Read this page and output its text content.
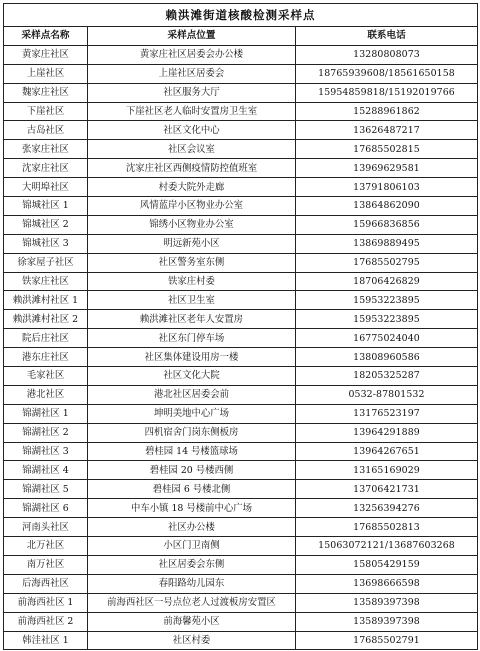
赖洪滩街道核酸检测采样点		
采样点名称	采样点位置	联系电话
黄家庄社区	黄家庄社区居委会办公楼	13280808073
上崖社区	上崖社区居委会	18765939608/18561650158
魏家庄社区	社区服务大厅	15954859818/15192019766
下崖社区	下崖社区老人临时安置房卫生室	15288961862
古岛社区	社区文化中心	13626487217
张家庄社区	社区会议室	17685502815
沈家庄社区	沈家庄社区西侧疫情防控值班室	13969629581
大明埠社区	村委大院外走廊	13791806103
锦城社区 1	风情蓝岸小区物业办公室	13864862090
锦城社区 2	锦绣小区物业办公室	15966836856
锦城社区 3	明远新苑小区	13869889495
徐家屋子社区	社区警务室东侧	17685502795
铁家庄社区	铁家庄村委	18706426829
赖洪滩村社区 1	社区卫生室	15953223895
赖洪滩村社区 2	赖洪滩社区老年人安置房	15953223895
院后庄社区	社区东门停车场	16775024040
港东庄社区	社区集体建设用房一楼	13808960586
毛家社区	社区文化大院	18205325287
港北社区	港北社区居委会前	0532-87801532
锦湖社区 1	坤明美地中心广场	13176523197
锦湖社区 2	四机宿舍门岗东侧板房	13964291889
锦湖社区 3	碧桂园 14 号楼篮球场	13964267651
锦湖社区 4	碧桂园 20 号楼西侧	13165169029
锦湖社区 5	碧桂园 6 号楼北侧	13706421731
锦湖社区 6	中车小镇 18 号楼前中心广场	13256394276
河南头社区	社区办公楼	17685502813
北万社区	小区门卫南侧	15063072121/13687603268
南万社区	社区居委会东侧	15805429159
后海西社区	春阳路幼儿园东	13698666598
前海西社区 1	前海西社区一号点位老人过渡板房安置区	13589397398
前海西社区 2	前海馨苑小区	13589397398
韩洼社区 1	社区村委	17685502791
